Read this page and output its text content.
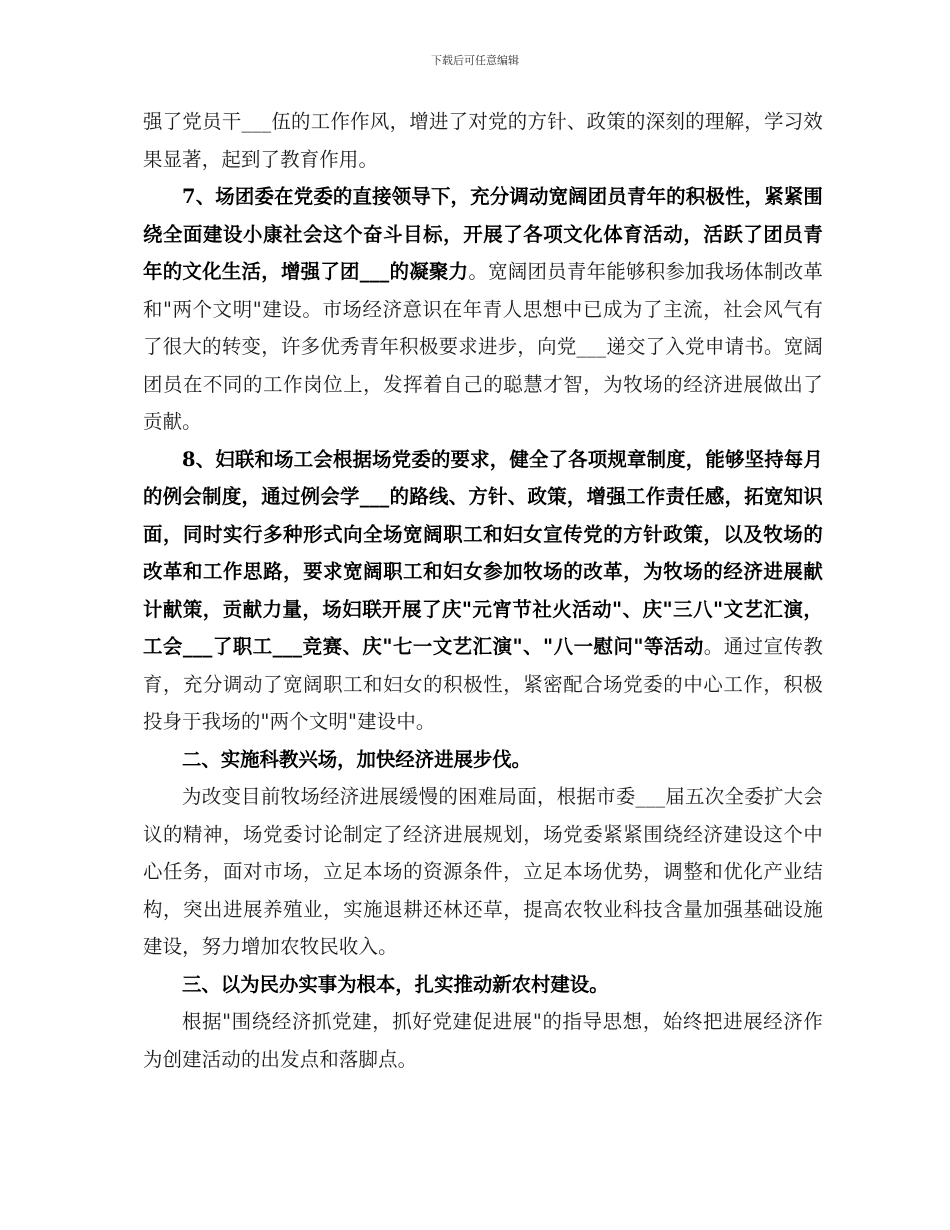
下载后可任意编辑

强了党员干___伍的工作作风，增进了对党的方针、政策的深刻的理解，学习效果显著，起到了教育作用。

7、场团委在党委的直接领导下，充分调动宽阔团员青年的积极性，紧紧围绕全面建设小康社会这个奋斗目标，开展了各项文化体育活动，活跃了团员青年的文化生活，增强了团___的凝聚力。宽阔团员青年能够积参加我场体制改革和"两个文明"建设。市场经济意识在年青人思想中已成为了主流，社会风气有了很大的转变，许多优秀青年积极要求进步，向党___递交了入党申请书。宽阔团员在不同的工作岗位上，发挥着自己的聪慧才智，为牧场的经济进展做出了贡献。

8、妇联和场工会根据场党委的要求，健全了各项规章制度，能够坚持每月的例会制度，通过例会学___的路线、方针、政策，增强工作责任感，拓宽知识面，同时实行多种形式向全场宽阔职工和妇女宣传党的方针政策，以及牧场的改革和工作思路，要求宽阔职工和妇女参加牧场的改革，为牧场的经济进展献计献策，贡献力量，场妇联开展了庆"元宵节社火活动"、庆"三八"文艺汇演，工会___了职工___竞赛、庆"七一文艺汇演"、"八一慰问"等活动。通过宣传教育，充分调动了宽阔职工和妇女的积极性，紧密配合场党委的中心工作，积极投身于我场的"两个文明"建设中。

二、实施科教兴场，加快经济进展步伐。

为改变目前牧场经济进展缓慢的困难局面，根据市委___届五次全委扩大会议的精神，场党委讨论制定了经济进展规划，场党委紧紧围绕经济建设这个中心任务，面对市场，立足本场的资源条件，立足本场优势，调整和优化产业结构，突出进展养殖业，实施退耕还林还草，提高农牧业科技含量加强基础设施建设，努力增加农牧民收入。

三、以为民办实事为根本，扎实推动新农村建设。

根据"围绕经济抓党建，抓好党建促进展"的指导思想，始终把进展经济作为创建活动的出发点和落脚点。
